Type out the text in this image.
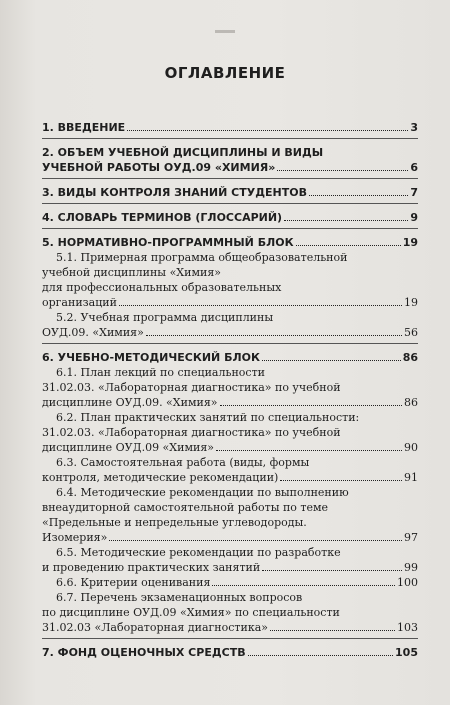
ОГЛАВЛЕНИЕ
1. ВВЕДЕНИЕ	3
2. ОБЪЕМ УЧЕБНОЙ ДИСЦИПЛИНЫ И ВИДЫ
УЧЕБНОЙ РАБОТЫ ОУД.09 «ХИМИЯ»	6
3. ВИДЫ КОНТРОЛЯ ЗНАНИЙ СТУДЕНТОВ	7
4. СЛОВАРЬ ТЕРМИНОВ (ГЛОССАРИЙ)	9
5. НОРМАТИВНО-ПРОГРАММНЫЙ БЛОК	19
5.1. Примерная программа общеобразовательной
учебной дисциплины «Химия»
для профессиональных образовательных
организаций	19
5.2. Учебная программа дисциплины
ОУД.09. «Химия»	56
6. УЧЕБНО-МЕТОДИЧЕСКИЙ БЛОК	86
6.1. План лекций по специальности
31.02.03. «Лабораторная диагностика» по учебной
дисциплине ОУД.09. «Химия»	86
6.2. План практических занятий по специальности:
31.02.03. «Лабораторная диагностика» по учебной
дисциплине ОУД.09 «Химия»	90
6.3. Самостоятельная работа (виды, формы
контроля, методические рекомендации)	91
6.4. Методические рекомендации по выполнению
внеаудиторной самостоятельной работы по теме
«Предельные и непредельные углеводороды.
Изомерия»	97
6.5. Методические рекомендации по разработке
и проведению практических занятий	99
6.6. Критерии оценивания	100
6.7. Перечень экзаменационных вопросов
по дисциплине ОУД.09 «Химия» по специальности
31.02.03 «Лабораторная диагностика»	103
7. ФОНД ОЦЕНОЧНЫХ СРЕДСТВ	105
